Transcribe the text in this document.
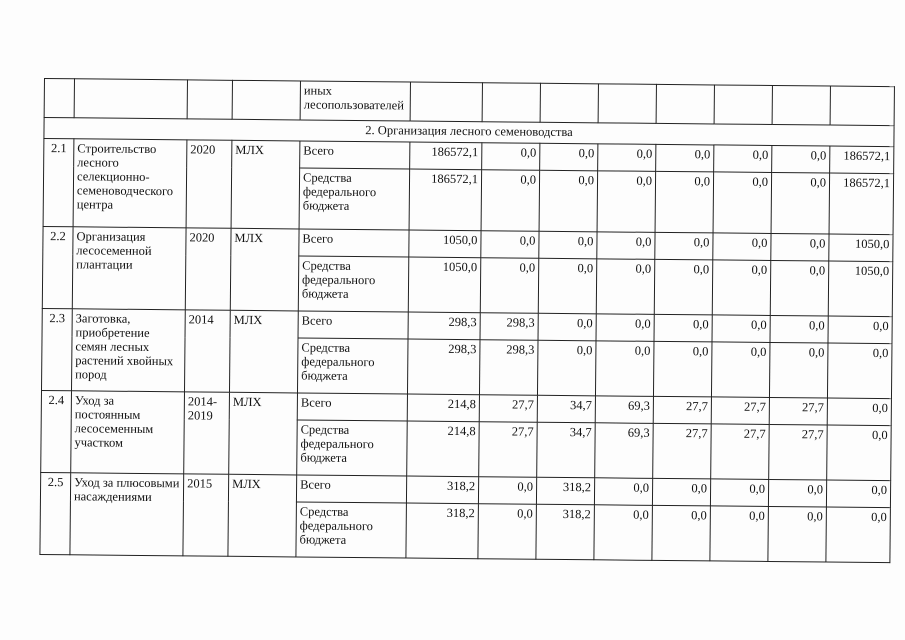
				иных лесопользователей								
2. Организация лесного семеноводства												
2.1	Строительство лесного селекционно-семеноводческого центра	2020	МЛХ	Всего	186572,1	0,0	0,0	0,0	0,0	0,0	0,0	186572,1
				Средства федерального бюджета	186572,1	0,0	0,0	0,0	0,0	0,0	0,0	186572,1
2.2	Организация лесосеменной плантации	2020	МЛХ	Всего	1050,0	0,0	0,0	0,0	0,0	0,0	0,0	1050,0
				Средства федерального бюджета	1050,0	0,0	0,0	0,0	0,0	0,0	0,0	1050,0
2.3	Заготовка, приобретение семян лесных растений хвойных пород	2014	МЛХ	Всего	298,3	298,3	0,0	0,0	0,0	0,0	0,0	0,0
				Средства федерального бюджета	298,3	298,3	0,0	0,0	0,0	0,0	0,0	0,0
2.4	Уход за постоянным лесосеменным участком	2014-2019	МЛХ	Всего	214,8	27,7	34,7	69,3	27,7	27,7	27,7	0,0
				Средства федерального бюджета	214,8	27,7	34,7	69,3	27,7	27,7	27,7	0,0
2.5	Уход за плюсовыми насаждениями	2015	МЛХ	Всего	318,2	0,0	318,2	0,0	0,0	0,0	0,0	0,0
				Средства федерального бюджета	318,2	0,0	318,2	0,0	0,0	0,0	0,0	0,0
